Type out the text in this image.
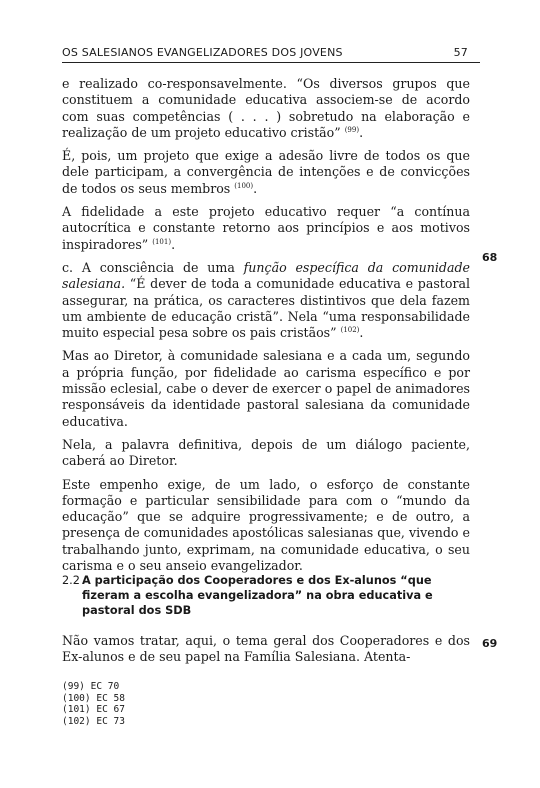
OS SALESIANOS EVANGELIZADORES DOS JOVENS	57

e realizado co-responsavelmente. “Os diversos grupos que constituem a comunidade educativa associem-se de acordo com suas competências ( . . . ) sobretudo na elaboração e realização de um projeto educativo cristão” $^{(99)}$.

É, pois, um projeto que exige a adesão livre de todos os que dele participam, a convergência de intenções e de convicções de todos os seus membros $^{(100)}$.

A fidelidade a este projeto educativo requer “a contínua autocrítica e constante retorno aos princípios e aos motivos inspiradores” $^{(101)}$.

c. A consciência de uma função específica da comunidade salesiana. “É dever de toda a comunidade educativa e pastoral assegurar, na prática, os caracteres distintivos que dela fazem um ambiente de educação cristã”. Nela “uma responsabilidade muito especial pesa sobre os pais cristãos” $^{(102)}$.

Mas ao Diretor, à comunidade salesiana e a cada um, segundo a própria função, por fidelidade ao carisma específico e por missão eclesial, cabe o dever de exercer o papel de animadores responsáveis da identidade pastoral salesiana da comunidade educativa.

Nela, a palavra definitiva, depois de um diálogo paciente, caberá ao Diretor.

Este empenho exige, de um lado, o esforço de constante formação e particular sensibilidade para com o “mundo da educação” que se adquire progressivamente; e de outro, a presença de comunidades apostólicas salesianas que, vivendo e trabalhando junto, exprimam, na comunidade educativa, o seu carisma e o seu anseio evangelizador.

68
69
2.2 A participação dos Cooperadores e dos Ex-alunos “que fizeram a escolha evangelizadora” na obra educativa e pastoral dos SDB

Não vamos tratar, aqui, o tema geral dos Cooperadores e dos Ex-alunos e de seu papel na Família Salesiana. Atenta-

(99) EC 70
(100) EC 58
(101) EC 67
(102) EC 73
